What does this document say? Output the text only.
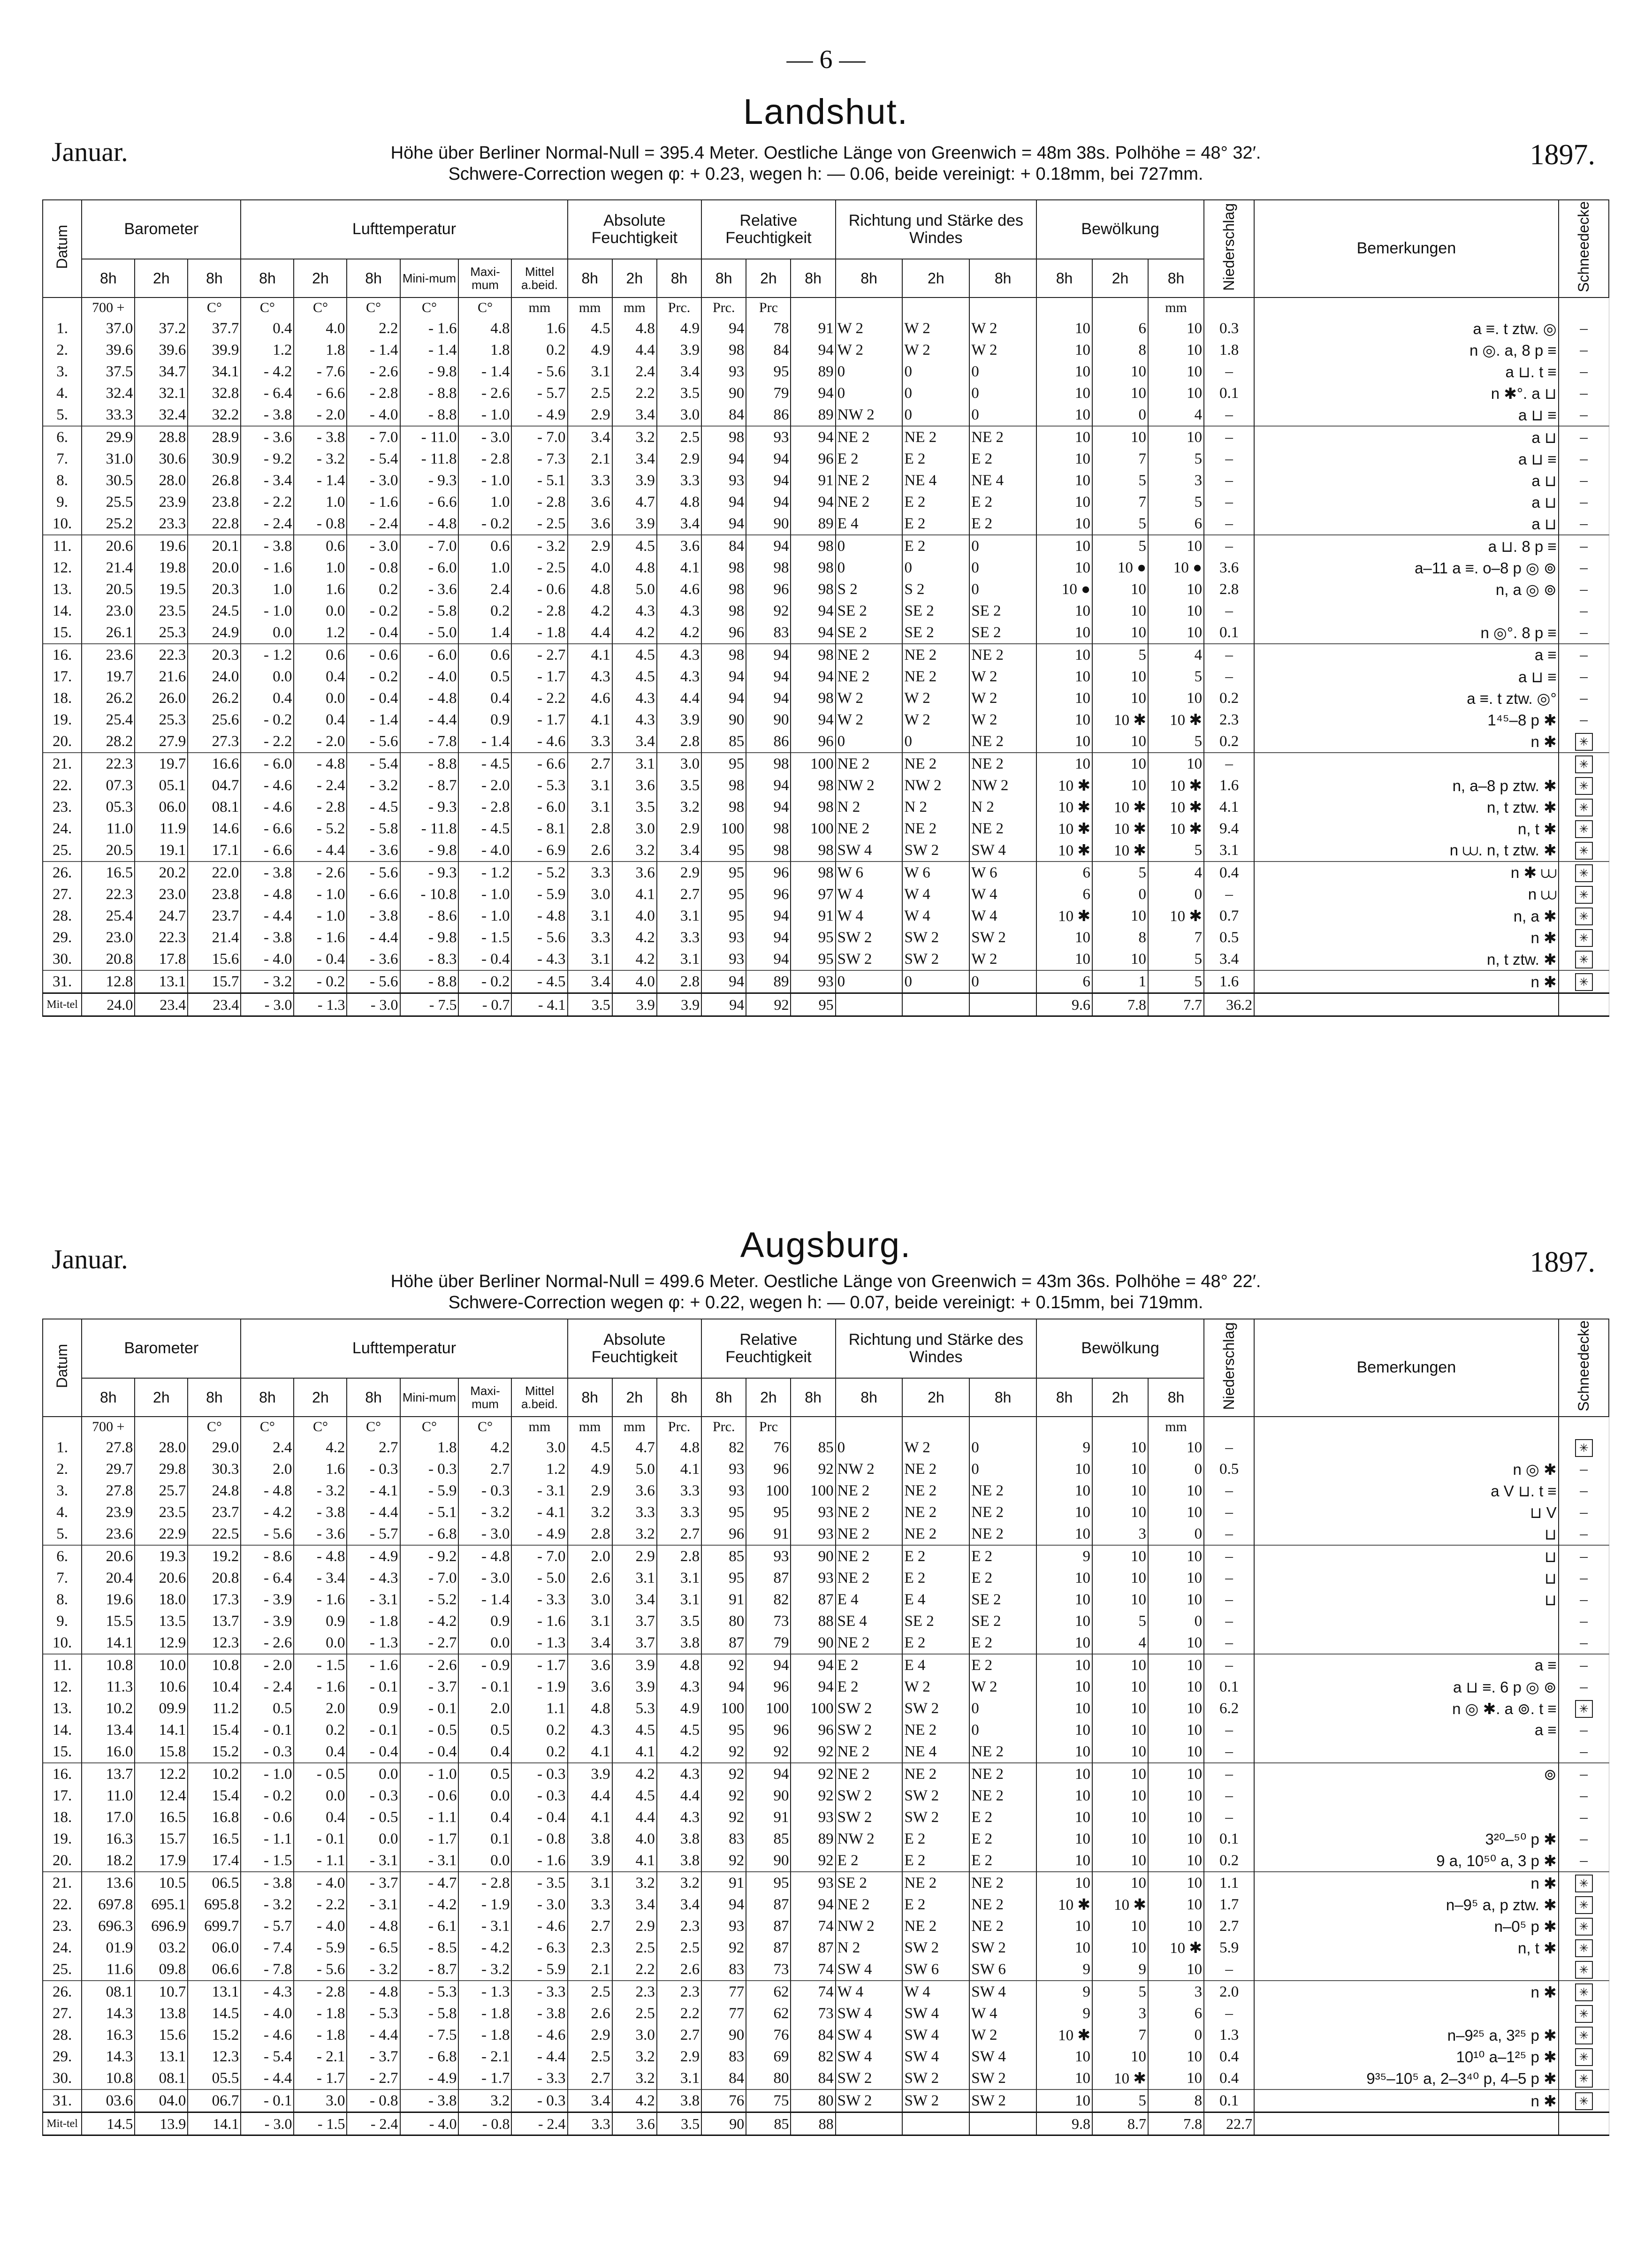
— 6 —
Landshut.
Januar.	1897.
Höhe über Berliner Normal-Null = 395.4 Meter. Oestliche Länge von Greenwich = 48m 38s. Polhöhe = 48° 32′.
Schwere-Correction wegen φ: + 0.23, wegen h: — 0.06, beide vereinigt: + 0.18mm, bei 727mm.
Datum	Barometer			Lufttemperatur						Absolute Feuchtigkeit			Relative Feuchtigkeit			Richtung und Stärke des Windes			Bewölkung			Niederschlag	Bemerkungen	Schneedecke
	8h	2h	8h	8h	2h	8h	Mini-mum	Maxi-mum	Mittel a.beid.	8h	2h	8h	8h	2h	8h	8h	2h	8h	8h	2h	8h			
	700 +		C°	C°	C°	C°	C°	C°	mm	mm	mm	Prc.	Prc.	Prc							mm			
1.	37.0	37.2	37.7	0.4	4.0	2.2	- 1.6	4.8	1.6	4.5	4.8	4.9	94	78	91	W 2	W 2	W 2	10	6	10	0.3	a ≡. t ztw. ◎	–
2.	39.6	39.6	39.9	1.2	1.8	- 1.4	- 1.4	1.8	0.2	4.9	4.4	3.9	98	84	94	W 2	W 2	W 2	10	8	10	1.8	n ◎. a, 8 p ≡	–
3.	37.5	34.7	34.1	- 4.2	- 7.6	- 2.6	- 9.8	- 1.4	- 5.6	3.1	2.4	3.4	93	95	89	0	0	0	10	10	10	–	a ⊔. t ≡	–
4.	32.4	32.1	32.8	- 6.4	- 6.6	- 2.8	- 8.8	- 2.6	- 5.7	2.5	2.2	3.5	90	79	94	0	0	0	10	10	10	0.1	n ✱°. a ⊔	–
5.	33.3	32.4	32.2	- 3.8	- 2.0	- 4.0	- 8.8	- 1.0	- 4.9	2.9	3.4	3.0	84	86	89	NW 2	0	0	10	0	4	–	a ⊔ ≡	–
6.	29.9	28.8	28.9	- 3.6	- 3.8	- 7.0	- 11.0	- 3.0	- 7.0	3.4	3.2	2.5	98	93	94	NE 2	NE 2	NE 2	10	10	10	–	a ⊔	–
7.	31.0	30.6	30.9	- 9.2	- 3.2	- 5.4	- 11.8	- 2.8	- 7.3	2.1	3.4	2.9	94	94	96	E 2	E 2	E 2	10	7	5	–	a ⊔ ≡	–
8.	30.5	28.0	26.8	- 3.4	- 1.4	- 3.0	- 9.3	- 1.0	- 5.1	3.3	3.9	3.3	93	94	91	NE 2	NE 4	NE 4	10	5	3	–	a ⊔	–
9.	25.5	23.9	23.8	- 2.2	1.0	- 1.6	- 6.6	1.0	- 2.8	3.6	4.7	4.8	94	94	94	NE 2	E 2	E 2	10	7	5	–	a ⊔	–
10.	25.2	23.3	22.8	- 2.4	- 0.8	- 2.4	- 4.8	- 0.2	- 2.5	3.6	3.9	3.4	94	90	89	E 4	E 2	E 2	10	5	6	–	a ⊔	–
11.	20.6	19.6	20.1	- 3.8	0.6	- 3.0	- 7.0	0.6	- 3.2	2.9	4.5	3.6	84	94	98	0	E 2	0	10	5	10	–	a ⊔. 8 p ≡	–
12.	21.4	19.8	20.0	- 1.6	1.0	- 0.8	- 6.0	1.0	- 2.5	4.0	4.8	4.1	98	98	98	0	0	0	10	10 ●	10 ●	3.6	a–11 a ≡. o–8 p ◎ ⊚	–
13.	20.5	19.5	20.3	1.0	1.6	0.2	- 3.6	2.4	- 0.6	4.8	5.0	4.6	98	96	98	S 2	S 2	0	10 ●	10	10	2.8	n, a ◎ ⊚	–
14.	23.0	23.5	24.5	- 1.0	0.0	- 0.2	- 5.8	0.2	- 2.8	4.2	4.3	4.3	98	92	94	SE 2	SE 2	SE 2	10	10	10	–		–
15.	26.1	25.3	24.9	0.0	1.2	- 0.4	- 5.0	1.4	- 1.8	4.4	4.2	4.2	96	83	94	SE 2	SE 2	SE 2	10	10	10	0.1	n ◎°. 8 p ≡	–
16.	23.6	22.3	20.3	- 1.2	0.6	- 0.6	- 6.0	0.6	- 2.7	4.1	4.5	4.3	98	94	98	NE 2	NE 2	NE 2	10	5	4	–	a ≡	–
17.	19.7	21.6	24.0	0.0	0.4	- 0.2	- 4.0	0.5	- 1.7	4.3	4.5	4.3	94	94	94	NE 2	NE 2	W 2	10	10	5	–	a ⊔ ≡	–
18.	26.2	26.0	26.2	0.4	0.0	- 0.4	- 4.8	0.4	- 2.2	4.6	4.3	4.4	94	94	98	W 2	W 2	W 2	10	10	10	0.2	a ≡. t ztw. ◎°	–
19.	25.4	25.3	25.6	- 0.2	0.4	- 1.4	- 4.4	0.9	- 1.7	4.1	4.3	3.9	90	90	94	W 2	W 2	W 2	10	10 ✱	10 ✱	2.3	1⁴⁵–8 p ✱	–
20.	28.2	27.9	27.3	- 2.2	- 2.0	- 5.6	- 7.8	- 1.4	- 4.6	3.3	3.4	2.8	85	86	96	0	0	NE 2	10	10	5	0.2	n ✱	✳
21.	22.3	19.7	16.6	- 6.0	- 4.8	- 5.4	- 8.8	- 4.5	- 6.6	2.7	3.1	3.0	95	98	100	NE 2	NE 2	NE 2	10	10	10	–		✳
22.	07.3	05.1	04.7	- 4.6	- 2.4	- 3.2	- 8.7	- 2.0	- 5.3	3.1	3.6	3.5	98	94	98	NW 2	NW 2	NW 2	10 ✱	10	10 ✱	1.6	n, a–8 p ztw. ✱	✳
23.	05.3	06.0	08.1	- 4.6	- 2.8	- 4.5	- 9.3	- 2.8	- 6.0	3.1	3.5	3.2	98	94	98	N 2	N 2	N 2	10 ✱	10 ✱	10 ✱	4.1	n, t ztw. ✱	✳
24.	11.0	11.9	14.6	- 6.6	- 5.2	- 5.8	- 11.8	- 4.5	- 8.1	2.8	3.0	2.9	100	98	100	NE 2	NE 2	NE 2	10 ✱	10 ✱	10 ✱	9.4	n, t ✱	✳
25.	20.5	19.1	17.1	- 6.6	- 4.4	- 3.6	- 9.8	- 4.0	- 6.9	2.6	3.2	3.4	95	98	98	SW 4	SW 2	SW 4	10 ✱	10 ✱	5	3.1	n ⩊. n, t ztw. ✱	✳
26.	16.5	20.2	22.0	- 3.8	- 2.6	- 5.6	- 9.3	- 1.2	- 5.2	3.3	3.6	2.9	95	96	98	W 6	W 6	W 6	6	5	4	0.4	n ✱ ⩊	✳
27.	22.3	23.0	23.8	- 4.8	- 1.0	- 6.6	- 10.8	- 1.0	- 5.9	3.0	4.1	2.7	95	96	97	W 4	W 4	W 4	6	0	0	–	n ⩊	✳
28.	25.4	24.7	23.7	- 4.4	- 1.0	- 3.8	- 8.6	- 1.0	- 4.8	3.1	4.0	3.1	95	94	91	W 4	W 4	W 4	10 ✱	10	10 ✱	0.7	n, a ✱	✳
29.	23.0	22.3	21.4	- 3.8	- 1.6	- 4.4	- 9.8	- 1.5	- 5.6	3.3	4.2	3.3	93	94	95	SW 2	SW 2	SW 2	10	8	7	0.5	n ✱	✳
30.	20.8	17.8	15.6	- 4.0	- 0.4	- 3.6	- 8.3	- 0.4	- 4.3	3.1	4.2	3.1	93	94	95	SW 2	SW 2	W 2	10	10	5	3.4	n, t ztw. ✱	✳
31.	12.8	13.1	15.7	- 3.2	- 0.2	- 5.6	- 8.8	- 0.2	- 4.5	3.4	4.0	2.8	94	89	93	0	0	0	6	1	5	1.6	n ✱	✳
Mit-tel	24.0	23.4	23.4	- 3.0	- 1.3	- 3.0	- 7.5	- 0.7	- 4.1	3.5	3.9	3.9	94	92	95				9.6	7.8	7.7	36.2		
Augsburg.
Januar.	1897.
Höhe über Berliner Normal-Null = 499.6 Meter. Oestliche Länge von Greenwich = 43m 36s. Polhöhe = 48° 22′.
Schwere-Correction wegen φ: + 0.22, wegen h: — 0.07, beide vereinigt: + 0.15mm, bei 719mm.
Datum	Barometer			Lufttemperatur						Absolute Feuchtigkeit			Relative Feuchtigkeit			Richtung und Stärke des Windes			Bewölkung			Niederschlag	Bemerkungen	Schneedecke
	8h	2h	8h	8h	2h	8h	Mini-mum	Maxi-mum	Mittel a.beid.	8h	2h	8h	8h	2h	8h	8h	2h	8h	8h	2h	8h			
	700 +		C°	C°	C°	C°	C°	C°	mm	mm	mm	Prc.	Prc.	Prc							mm			
1.	27.8	28.0	29.0	2.4	4.2	2.7	1.8	4.2	3.0	4.5	4.7	4.8	82	76	85	0	W 2	0	9	10	10	–		✳
2.	29.7	29.8	30.3	2.0	1.6	- 0.3	- 0.3	2.7	1.2	4.9	5.0	4.1	93	96	92	NW 2	NE 2	0	10	10	0	0.5	n ◎ ✱	–
3.	27.8	25.7	24.8	- 4.8	- 3.2	- 4.1	- 5.9	- 0.3	- 3.1	2.9	3.6	3.3	93	100	100	NE 2	NE 2	NE 2	10	10	10	–	a V ⊔. t ≡	–
4.	23.9	23.5	23.7	- 4.2	- 3.8	- 4.4	- 5.1	- 3.2	- 4.1	3.2	3.3	3.3	95	95	93	NE 2	NE 2	NE 2	10	10	10	–	⊔ V	–
5.	23.6	22.9	22.5	- 5.6	- 3.6	- 5.7	- 6.8	- 3.0	- 4.9	2.8	3.2	2.7	96	91	93	NE 2	NE 2	NE 2	10	3	0	–	⊔	–
6.	20.6	19.3	19.2	- 8.6	- 4.8	- 4.9	- 9.2	- 4.8	- 7.0	2.0	2.9	2.8	85	93	90	NE 2	E 2	E 2	9	10	10	–	⊔	–
7.	20.4	20.6	20.8	- 6.4	- 3.4	- 4.3	- 7.0	- 3.0	- 5.0	2.6	3.1	3.1	95	87	93	NE 2	E 2	E 2	10	10	10	–	⊔	–
8.	19.6	18.0	17.3	- 3.9	- 1.6	- 3.1	- 5.2	- 1.4	- 3.3	3.0	3.4	3.1	91	82	87	E 4	E 4	SE 2	10	10	10	–	⊔	–
9.	15.5	13.5	13.7	- 3.9	0.9	- 1.8	- 4.2	0.9	- 1.6	3.1	3.7	3.5	80	73	88	SE 4	SE 2	SE 2	10	5	0	–		–
10.	14.1	12.9	12.3	- 2.6	0.0	- 1.3	- 2.7	0.0	- 1.3	3.4	3.7	3.8	87	79	90	NE 2	E 2	E 2	10	4	10	–		–
11.	10.8	10.0	10.8	- 2.0	- 1.5	- 1.6	- 2.6	- 0.9	- 1.7	3.6	3.9	4.8	92	94	94	E 2	E 4	E 2	10	10	10	–	a ≡	–
12.	11.3	10.6	10.4	- 2.4	- 1.6	- 0.1	- 3.7	- 0.1	- 1.9	3.6	3.9	4.3	94	96	94	E 2	W 2	W 2	10	10	10	0.1	a ⊔ ≡. 6 p ◎ ⊚	–
13.	10.2	09.9	11.2	0.5	2.0	0.9	- 0.1	2.0	1.1	4.8	5.3	4.9	100	100	100	SW 2	SW 2	0	10	10	10	6.2	n ◎ ✱. a ⊚. t ≡	✳
14.	13.4	14.1	15.4	- 0.1	0.2	- 0.1	- 0.5	0.5	0.2	4.3	4.5	4.5	95	96	96	SW 2	NE 2	0	10	10	10	–	a ≡	–
15.	16.0	15.8	15.2	- 0.3	0.4	- 0.4	- 0.4	0.4	0.2	4.1	4.1	4.2	92	92	92	NE 2	NE 4	NE 2	10	10	10	–		–
16.	13.7	12.2	10.2	- 1.0	- 0.5	0.0	- 1.0	0.5	- 0.3	3.9	4.2	4.3	92	94	92	NE 2	NE 2	NE 2	10	10	10	–	⊚	–
17.	11.0	12.4	15.4	- 0.2	0.0	- 0.3	- 0.6	0.0	- 0.3	4.4	4.5	4.4	92	90	92	SW 2	SW 2	NE 2	10	10	10	–		–
18.	17.0	16.5	16.8	- 0.6	0.4	- 0.5	- 1.1	0.4	- 0.4	4.1	4.4	4.3	92	91	93	SW 2	SW 2	E 2	10	10	10	–		–
19.	16.3	15.7	16.5	- 1.1	- 0.1	0.0	- 1.7	0.1	- 0.8	3.8	4.0	3.8	83	85	89	NW 2	E 2	E 2	10	10	10	0.1	3²⁰–⁵⁰ p ✱	–
20.	18.2	17.9	17.4	- 1.5	- 1.1	- 3.1	- 3.1	0.0	- 1.6	3.9	4.1	3.8	92	90	92	E 2	E 2	E 2	10	10	10	0.2	9 a, 10⁵⁰ a, 3 p ✱	–
21.	13.6	10.5	06.5	- 3.8	- 4.0	- 3.7	- 4.7	- 2.8	- 3.5	3.1	3.2	3.2	91	95	93	SE 2	NE 2	NE 2	10	10	10	1.1	n ✱	✳
22.	697.8	695.1	695.8	- 3.2	- 2.2	- 3.1	- 4.2	- 1.9	- 3.0	3.3	3.4	3.4	94	87	94	NE 2	E 2	NE 2	10 ✱	10 ✱	10	1.7	n–9⁵ a, p ztw. ✱	✳
23.	696.3	696.9	699.7	- 5.7	- 4.0	- 4.8	- 6.1	- 3.1	- 4.6	2.7	2.9	2.3	93	87	74	NW 2	NE 2	NE 2	10	10	10	2.7	n–0⁵ p ✱	✳
24.	01.9	03.2	06.0	- 7.4	- 5.9	- 6.5	- 8.5	- 4.2	- 6.3	2.3	2.5	2.5	92	87	87	N 2	SW 2	SW 2	10	10	10 ✱	5.9	n, t ✱	✳
25.	11.6	09.8	06.6	- 7.8	- 5.6	- 3.2	- 8.7	- 3.2	- 5.9	2.1	2.2	2.6	83	73	74	SW 4	SW 6	SW 6	9	9	10	–		✳
26.	08.1	10.7	13.1	- 4.3	- 2.8	- 4.8	- 5.3	- 1.3	- 3.3	2.5	2.3	2.3	77	62	74	W 4	W 4	SW 4	9	5	3	2.0	n ✱	✳
27.	14.3	13.8	14.5	- 4.0	- 1.8	- 5.3	- 5.8	- 1.8	- 3.8	2.6	2.5	2.2	77	62	73	SW 4	SW 4	W 4	9	3	6	–		✳
28.	16.3	15.6	15.2	- 4.6	- 1.8	- 4.4	- 7.5	- 1.8	- 4.6	2.9	3.0	2.7	90	76	84	SW 4	SW 4	W 2	10 ✱	7	0	1.3	n–9²⁵ a, 3²⁵ p ✱	✳
29.	14.3	13.1	12.3	- 5.4	- 2.1	- 3.7	- 6.8	- 2.1	- 4.4	2.5	3.2	2.9	83	69	82	SW 4	SW 4	SW 4	10	10	10	0.4	10¹⁰ a–1²⁵ p ✱	✳
30.	10.8	08.1	05.5	- 4.4	- 1.7	- 2.7	- 4.9	- 1.7	- 3.3	2.7	3.2	3.1	84	80	84	SW 2	SW 2	SW 2	10	10 ✱	10	0.4	9³⁵–10⁵ a, 2–3⁴⁰ p, 4–5 p ✱	✳
31.	03.6	04.0	06.7	- 0.1	3.0	- 0.8	- 3.8	3.2	- 0.3	3.4	4.2	3.8	76	75	80	SW 2	SW 2	SW 2	10	5	8	0.1	n ✱	✳
Mit-tel	14.5	13.9	14.1	- 3.0	- 1.5	- 2.4	- 4.0	- 0.8	- 2.4	3.3	3.6	3.5	90	85	88				9.8	8.7	7.8	22.7		
